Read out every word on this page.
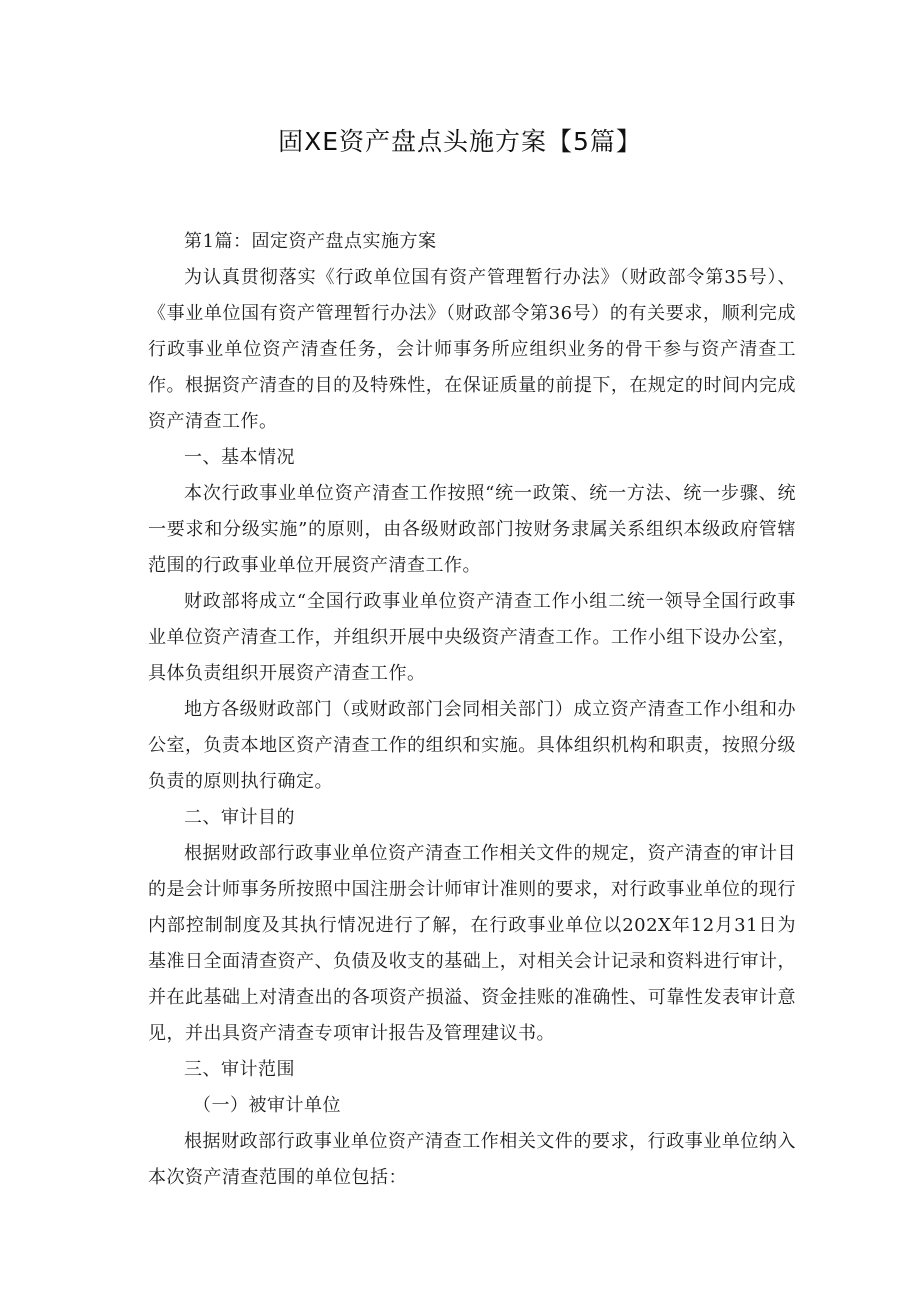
固XE资产盘点头施方案【5篇】

第1篇：固定资产盘点实施方案

为认真贯彻落实《行政单位国有资产管理暂行办法》（财政部令第35号）、《事业单位国有资产管理暂行办法》（财政部令第36号）的有关要求，顺利完成行政事业单位资产清查任务，会计师事务所应组织业务的骨干参与资产清查工作。根据资产清查的目的及特殊性，在保证质量的前提下，在规定的时间内完成资产清查工作。

一、基本情况

本次行政事业单位资产清查工作按照“统一政策、统一方法、统一步骤、统一要求和分级实施”的原则，由各级财政部门按财务隶属关系组织本级政府管辖范围的行政事业单位开展资产清查工作。

财政部将成立“全国行政事业单位资产清查工作小组二统一领导全国行政事业单位资产清查工作，并组织开展中央级资产清查工作。工作小组下设办公室，具体负责组织开展资产清查工作。

地方各级财政部门（或财政部门会同相关部门）成立资产清查工作小组和办公室，负责本地区资产清查工作的组织和实施。具体组织机构和职责，按照分级负责的原则执行确定。

二、审计目的

根据财政部行政事业单位资产清查工作相关文件的规定，资产清查的审计目的是会计师事务所按照中国注册会计师审计准则的要求，对行政事业单位的现行内部控制制度及其执行情况进行了解，在行政事业单位以202X年12月31日为基准日全面清查资产、负债及收支的基础上，对相关会计记录和资料进行审计，并在此基础上对清查出的各项资产损溢、资金挂账的准确性、可靠性发表审计意见，并出具资产清查专项审计报告及管理建议书。

三、审计范围

（一）被审计单位

根据财政部行政事业单位资产清查工作相关文件的要求，行政事业单位纳入本次资产清查范围的单位包括：
